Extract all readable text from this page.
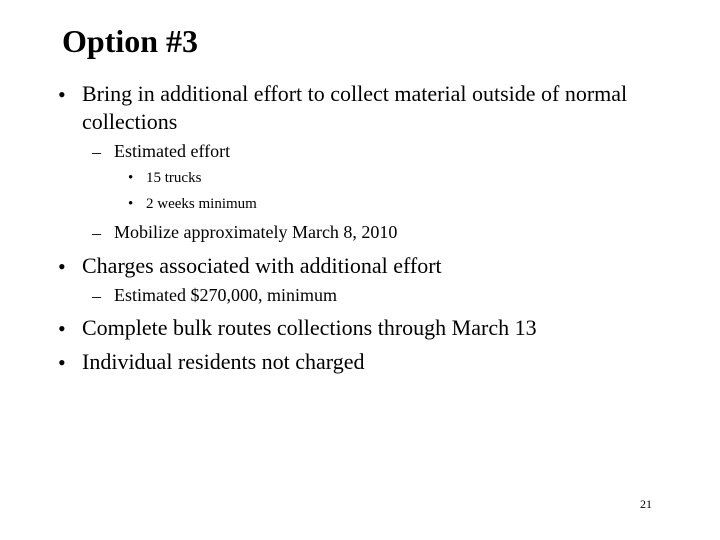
Option #3
• Bring in additional effort to collect material outside of normal
collections
– Estimated effort
• 15 trucks
• 2 weeks minimum
– Mobilize approximately March 8, 2010
• Charges associated with additional effort
– Estimated $270,000, minimum
• Complete bulk routes collections through March 13
• Individual residents not charged
21
